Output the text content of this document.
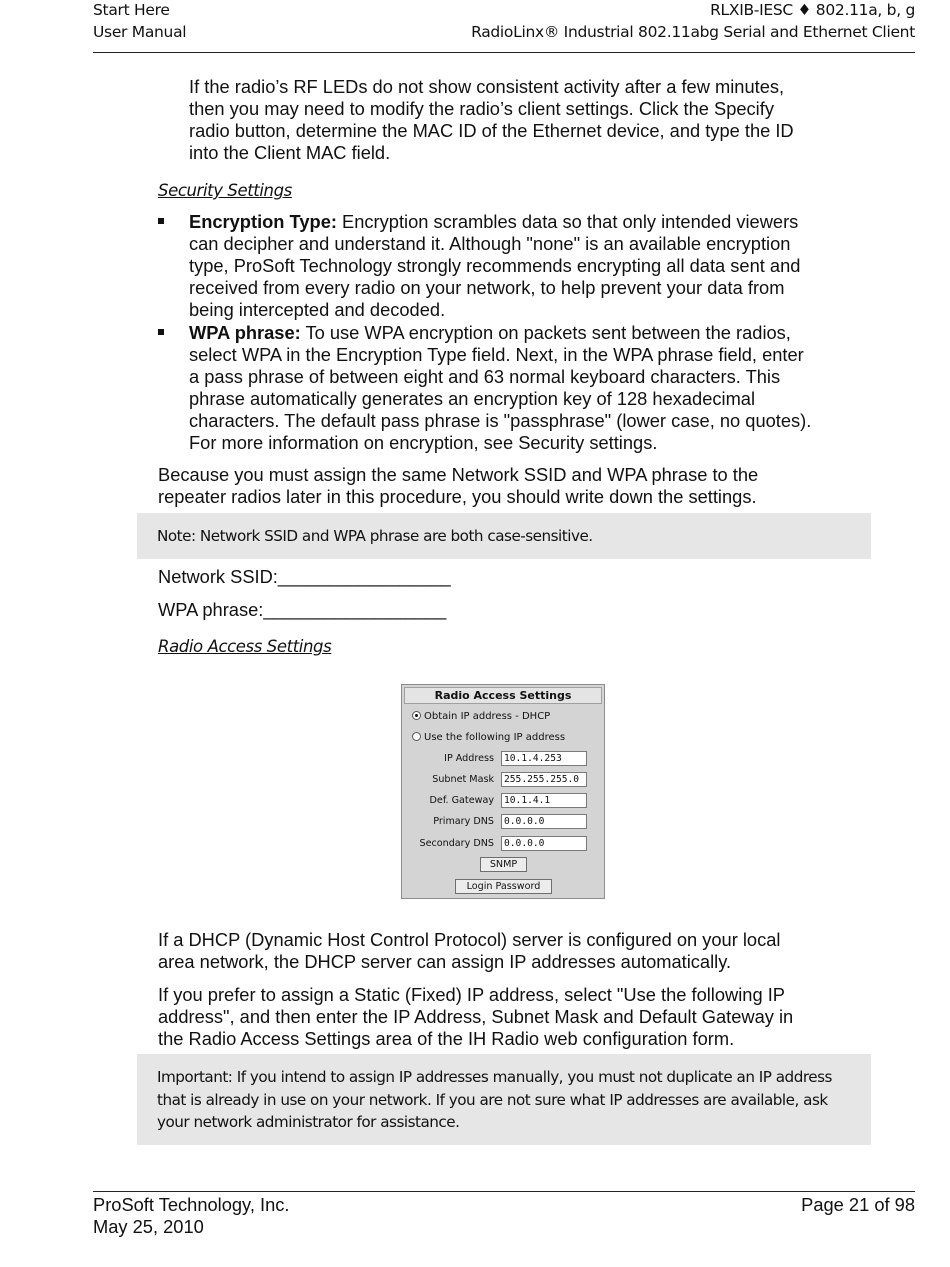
Start Here	RLXIB-IESC ♦ 802.11a, b, g
User Manual	RadioLinx® Industrial 802.11abg Serial and Ethernet Client
If the radio’s RF LEDs do not show consistent activity after a few minutes,
then you may need to modify the radio’s client settings. Click the Specify
radio button, determine the MAC ID of the Ethernet device, and type the ID
into the Client MAC field.
Security Settings
Encryption Type: Encryption scrambles data so that only intended viewers
can decipher and understand it. Although "none" is an available encryption
type, ProSoft Technology strongly recommends encrypting all data sent and
received from every radio on your network, to help prevent your data from
being intercepted and decoded.
WPA phrase: To use WPA encryption on packets sent between the radios,
select WPA in the Encryption Type field. Next, in the WPA phrase field, enter
a pass phrase of between eight and 63 normal keyboard characters. This
phrase automatically generates an encryption key of 128 hexadecimal
characters. The default pass phrase is "passphrase" (lower case, no quotes).
For more information on encryption, see Security settings.
Because you must assign the same Network SSID and WPA phrase to the
repeater radios later in this procedure, you should write down the settings.
Note: Network SSID and WPA phrase are both case-sensitive.
Network SSID:_________________
WPA phrase:__________________
Radio Access Settings
Radio Access Settings
Obtain IP address - DHCP
Use the following IP address
IP Address	10.1.4.253
Subnet Mask	255.255.255.0
Def. Gateway	10.1.4.1
Primary DNS	0.0.0.0
Secondary DNS	0.0.0.0
SNMP
Login Password
If a DHCP (Dynamic Host Control Protocol) server is configured on your local
area network, the DHCP server can assign IP addresses automatically.
If you prefer to assign a Static (Fixed) IP address, select "Use the following IP
address", and then enter the IP Address, Subnet Mask and Default Gateway in
the Radio Access Settings area of the IH Radio web configuration form.
Important: If you intend to assign IP addresses manually, you must not duplicate an IP address
that is already in use on your network. If you are not sure what IP addresses are available, ask
your network administrator for assistance.
ProSoft Technology, Inc.	Page 21 of 98
May 25, 2010
